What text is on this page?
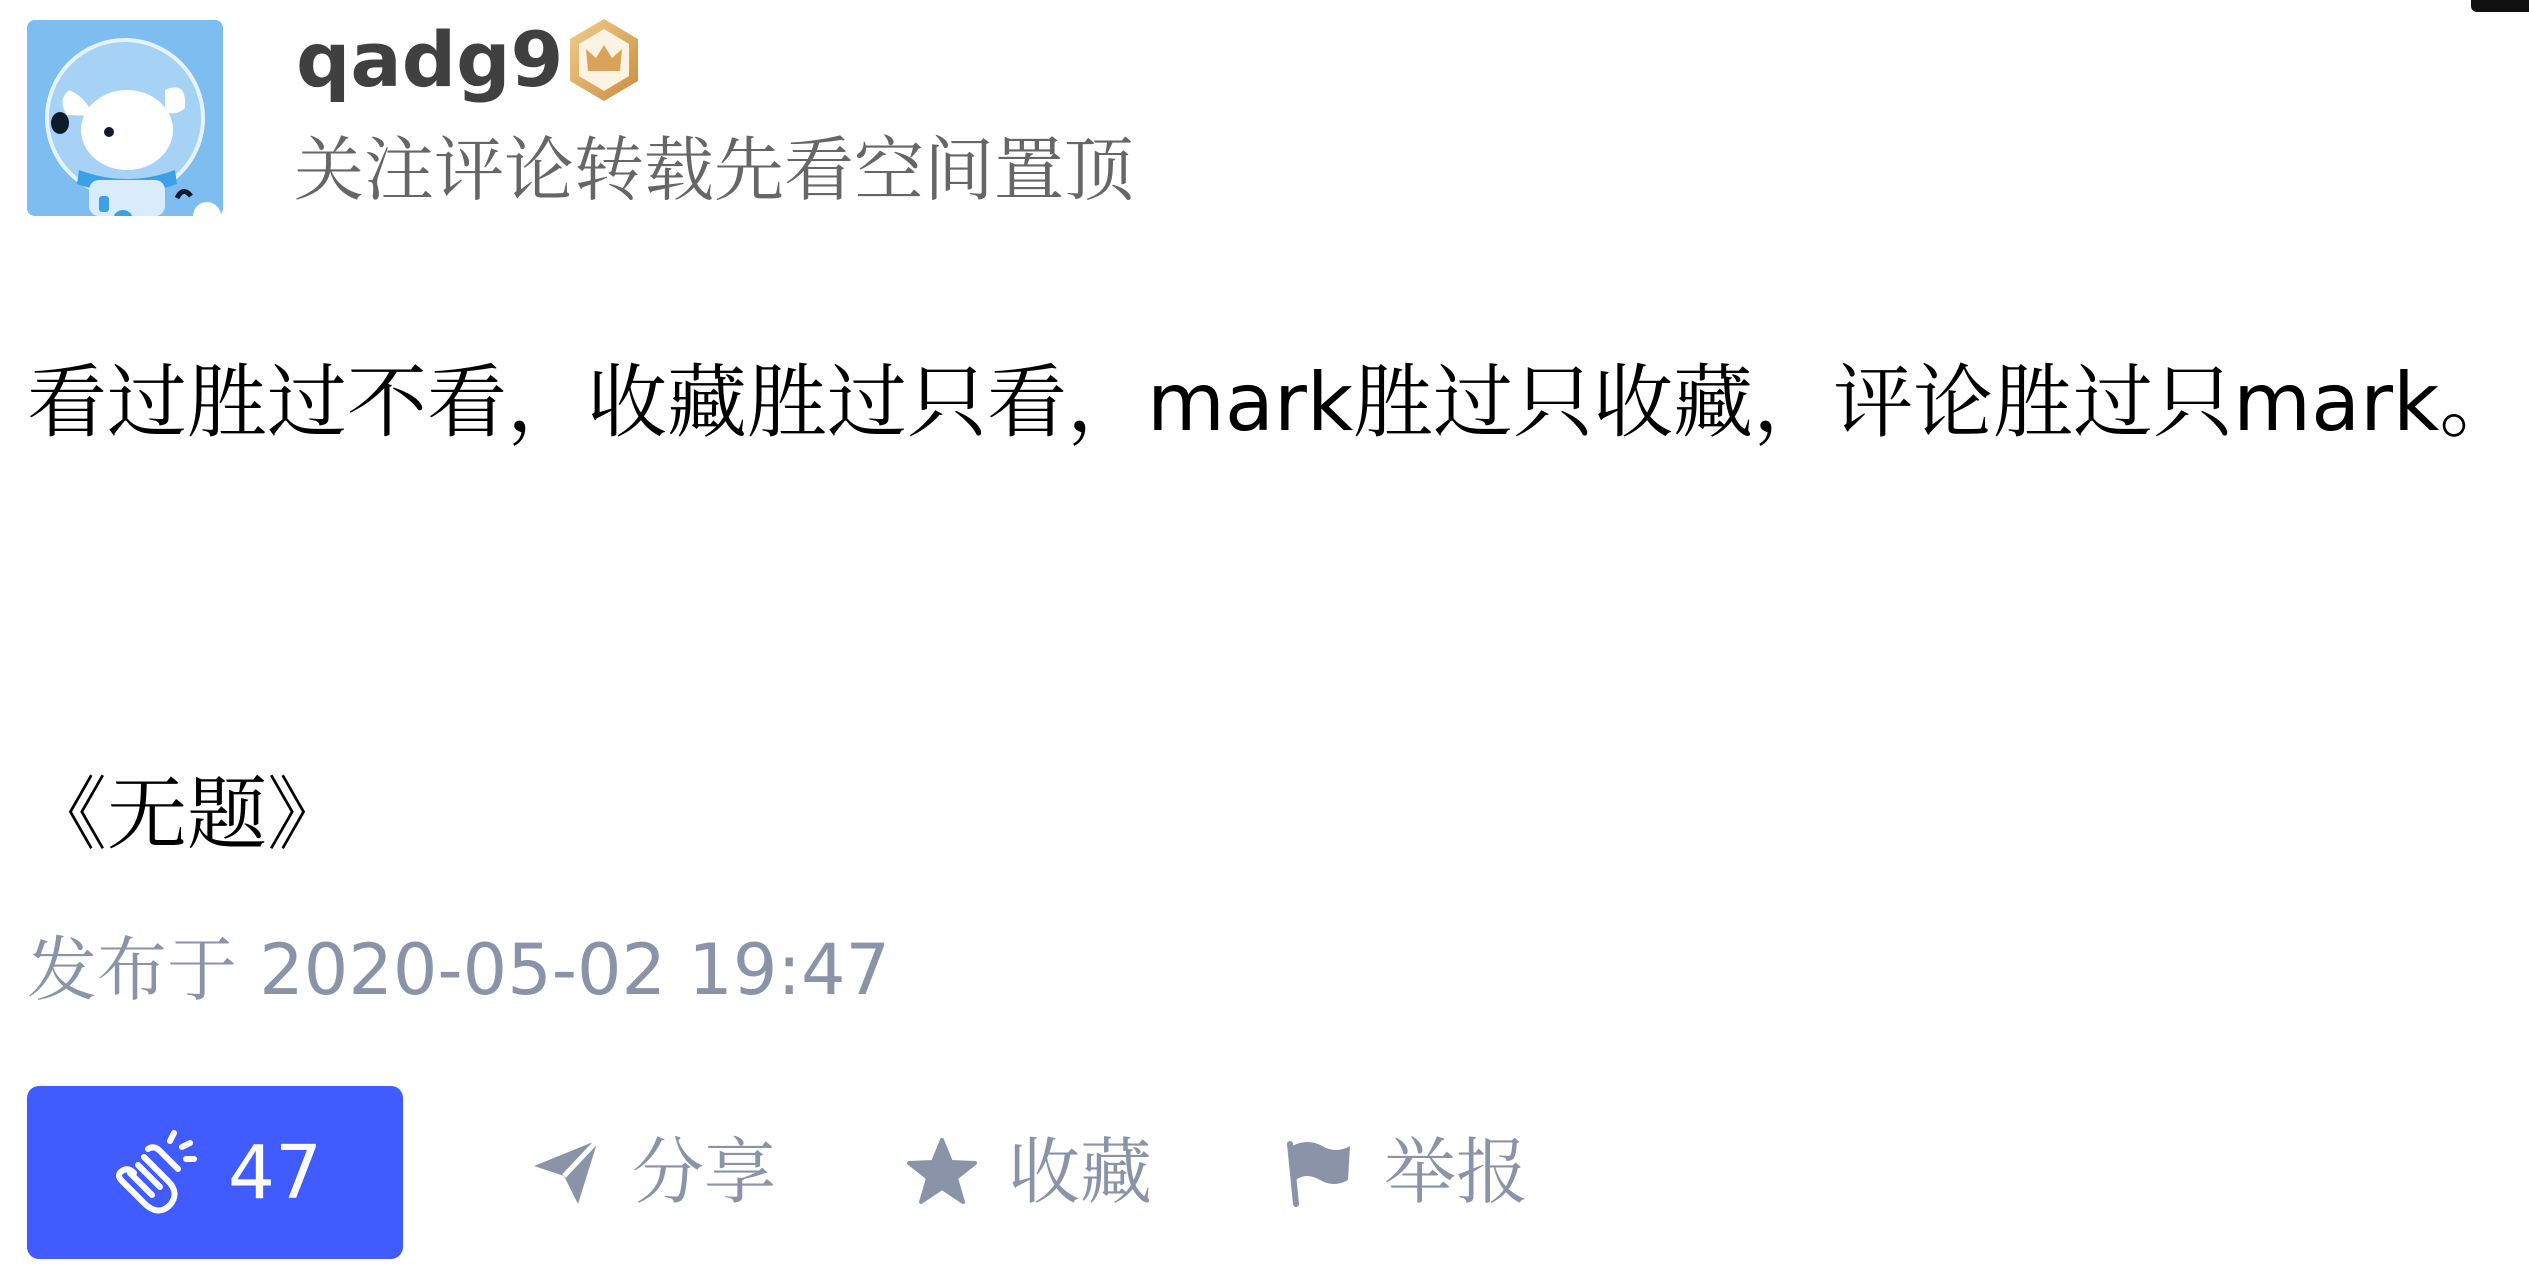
qadg9
关注评论转载先看空间置顶
看过胜过不看，收藏胜过只看，mark胜过只收藏，评论胜过只mark。
《无题》
发布于 2020-05-02 19:47
47	分享	收藏	举报
